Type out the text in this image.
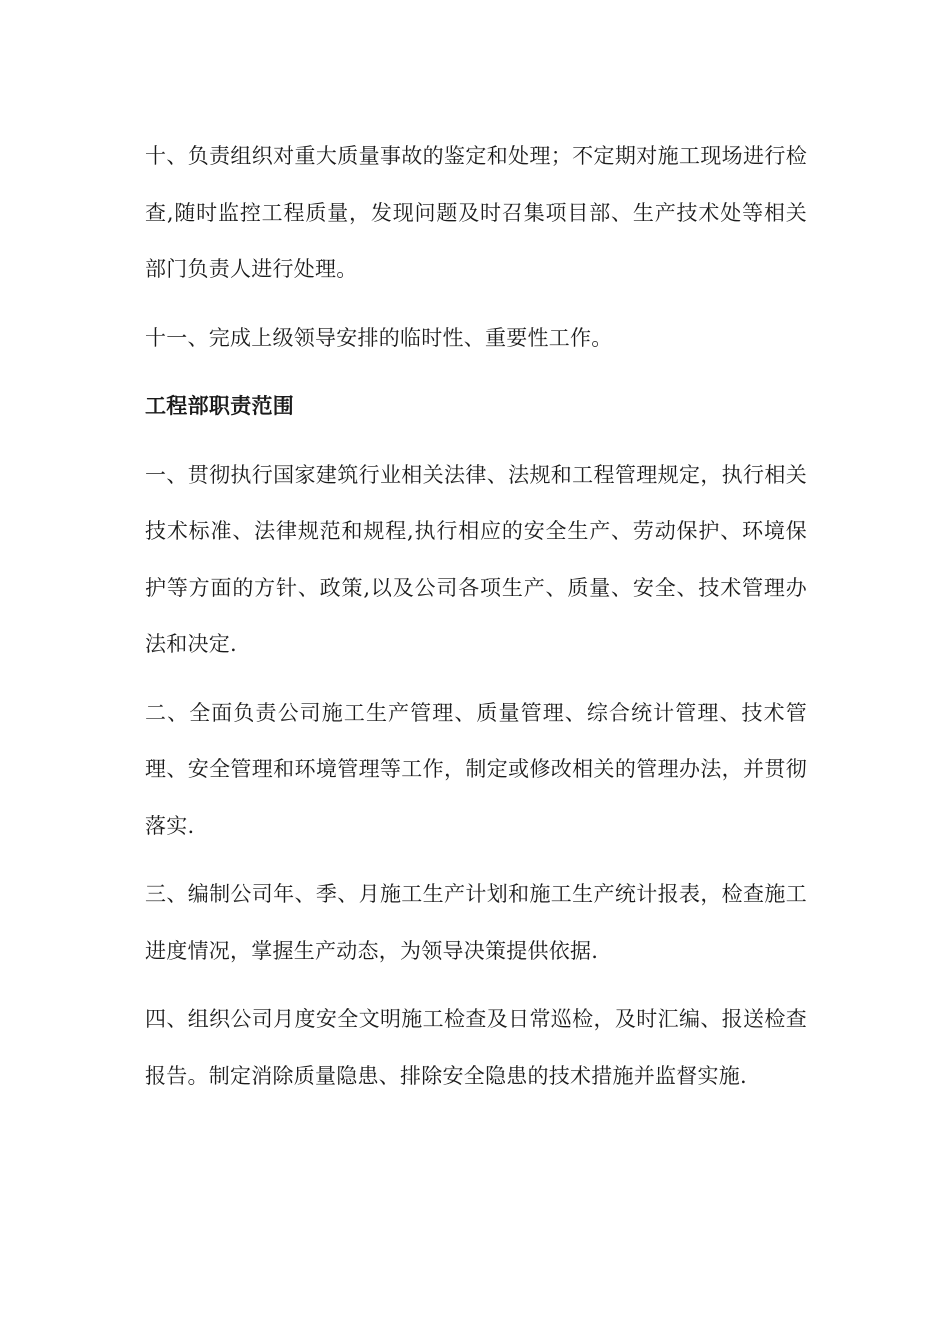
十、负责组织对重大质量事故的鉴定和处理；不定期对施工现场进行检查,随时监控工程质量，发现问题及时召集项目部、生产技术处等相关部门负责人进行处理。

十一、完成上级领导安排的临时性、重要性工作。

工程部职责范围

一、贯彻执行国家建筑行业相关法律、法规和工程管理规定，执行相关技术标准、法律规范和规程,执行相应的安全生产、劳动保护、环境保护等方面的方针、政策,以及公司各项生产、质量、安全、技术管理办法和决定.

二、全面负责公司施工生产管理、质量管理、综合统计管理、技术管理、安全管理和环境管理等工作，制定或修改相关的管理办法，并贯彻落实.

三、编制公司年、季、月施工生产计划和施工生产统计报表，检查施工进度情况，掌握生产动态，为领导决策提供依据.

四、组织公司月度安全文明施工检查及日常巡检，及时汇编、报送检查报告。制定消除质量隐患、排除安全隐患的技术措施并监督实施.
